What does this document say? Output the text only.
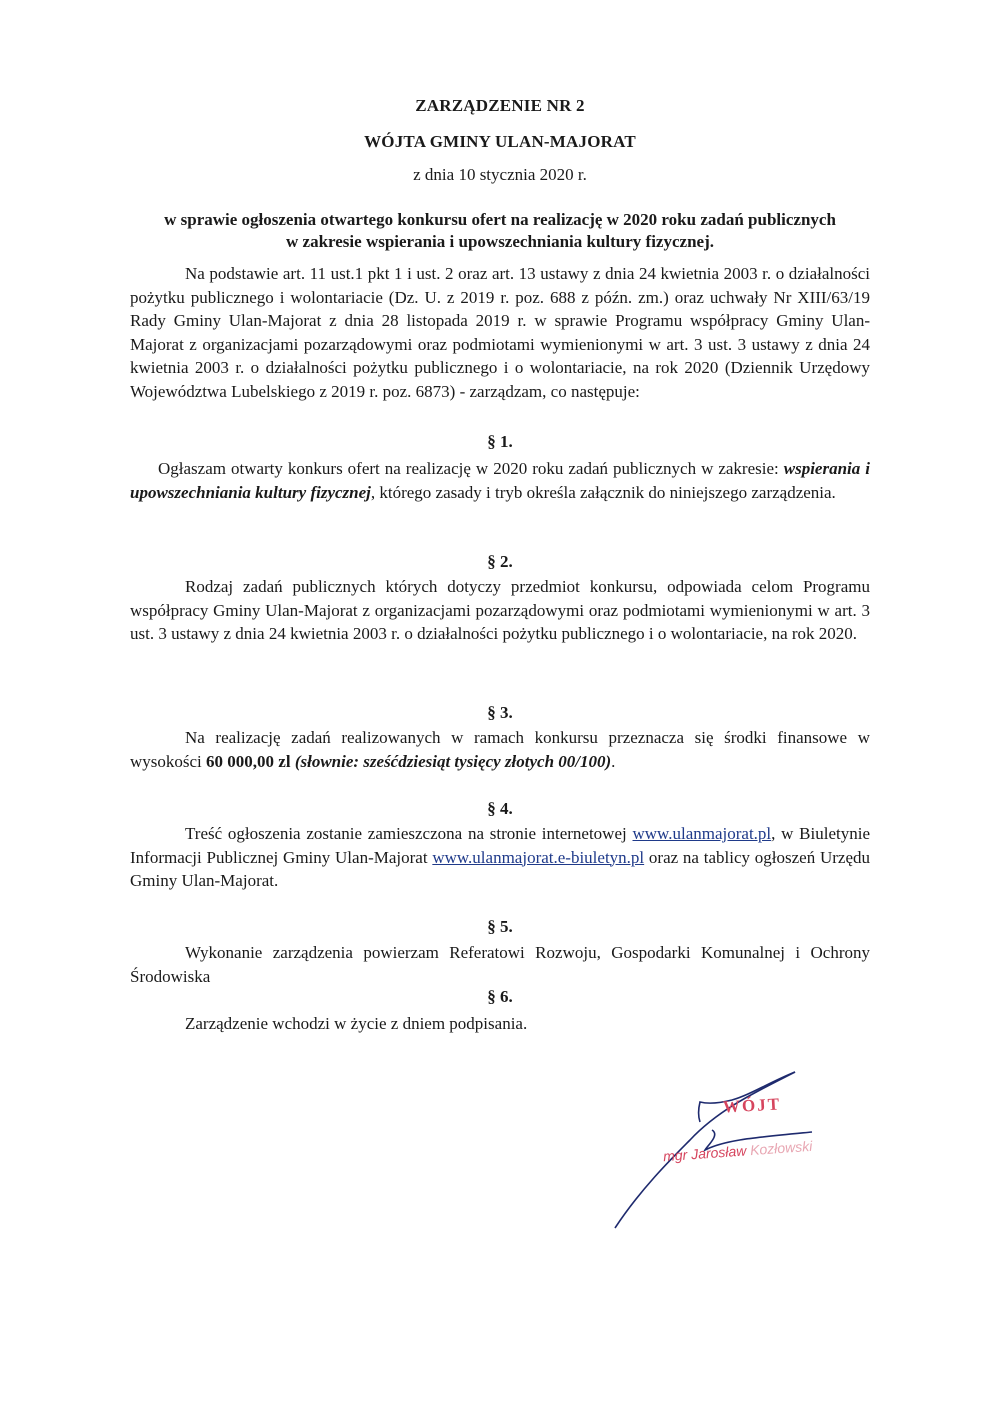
ZARZĄDZENIE NR 2
WÓJTA GMINY ULAN-MAJORAT
z dnia 10 stycznia 2020 r.
w sprawie ogłoszenia otwartego konkursu ofert na realizację w 2020 roku zadań publicznych
w zakresie wspierania i upowszechniania kultury fizycznej.
Na podstawie art. 11 ust.1 pkt 1 i ust. 2 oraz art. 13 ustawy z dnia 24 kwietnia 2003 r. o działalności pożytku publicznego i wolontariacie (Dz. U. z 2019 r. poz. 688 z późn. zm.) oraz uchwały Nr XIII/63/19 Rady Gminy Ulan-Majorat z dnia 28 listopada 2019 r. w sprawie Programu współpracy Gminy Ulan-Majorat z organizacjami pozarządowymi oraz podmiotami wymienionymi w art. 3 ust. 3 ustawy z dnia 24 kwietnia 2003 r. o działalności pożytku publicznego i o wolontariacie, na rok 2020 (Dziennik Urzędowy Województwa Lubelskiego z 2019 r. poz. 6873) - zarządzam, co następuje:
§ 1.
Ogłaszam otwarty konkurs ofert na realizację w 2020 roku zadań publicznych w zakresie: wspierania i upowszechniania kultury fizycznej, którego zasady i tryb określa załącznik do niniejszego zarządzenia.
§ 2.
Rodzaj zadań publicznych których dotyczy przedmiot konkursu, odpowiada celom Programu współpracy Gminy Ulan-Majorat z organizacjami pozarządowymi oraz podmiotami wymienionymi w art. 3 ust. 3 ustawy z dnia 24 kwietnia 2003 r. o działalności pożytku publicznego i o wolontariacie, na rok 2020.
§ 3.
Na realizację zadań realizowanych w ramach konkursu przeznacza się środki finansowe w wysokości 60 000,00 zl (słownie: sześćdziesiąt tysięcy złotych 00/100).
§ 4.
Treść ogłoszenia zostanie zamieszczona na stronie internetowej www.ulanmajorat.pl, w Biuletynie Informacji Publicznej Gminy Ulan-Majorat www.ulanmajorat.e-biuletyn.pl oraz na tablicy ogłoszeń Urzędu Gminy Ulan-Majorat.
§ 5.
Wykonanie zarządzenia powierzam Referatowi Rozwoju, Gospodarki Komunalnej i Ochrony Środowiska
§ 6.
Zarządzenie wchodzi w życie z dniem podpisania.
WÓJT
mgr Jarosław Kozłowski
